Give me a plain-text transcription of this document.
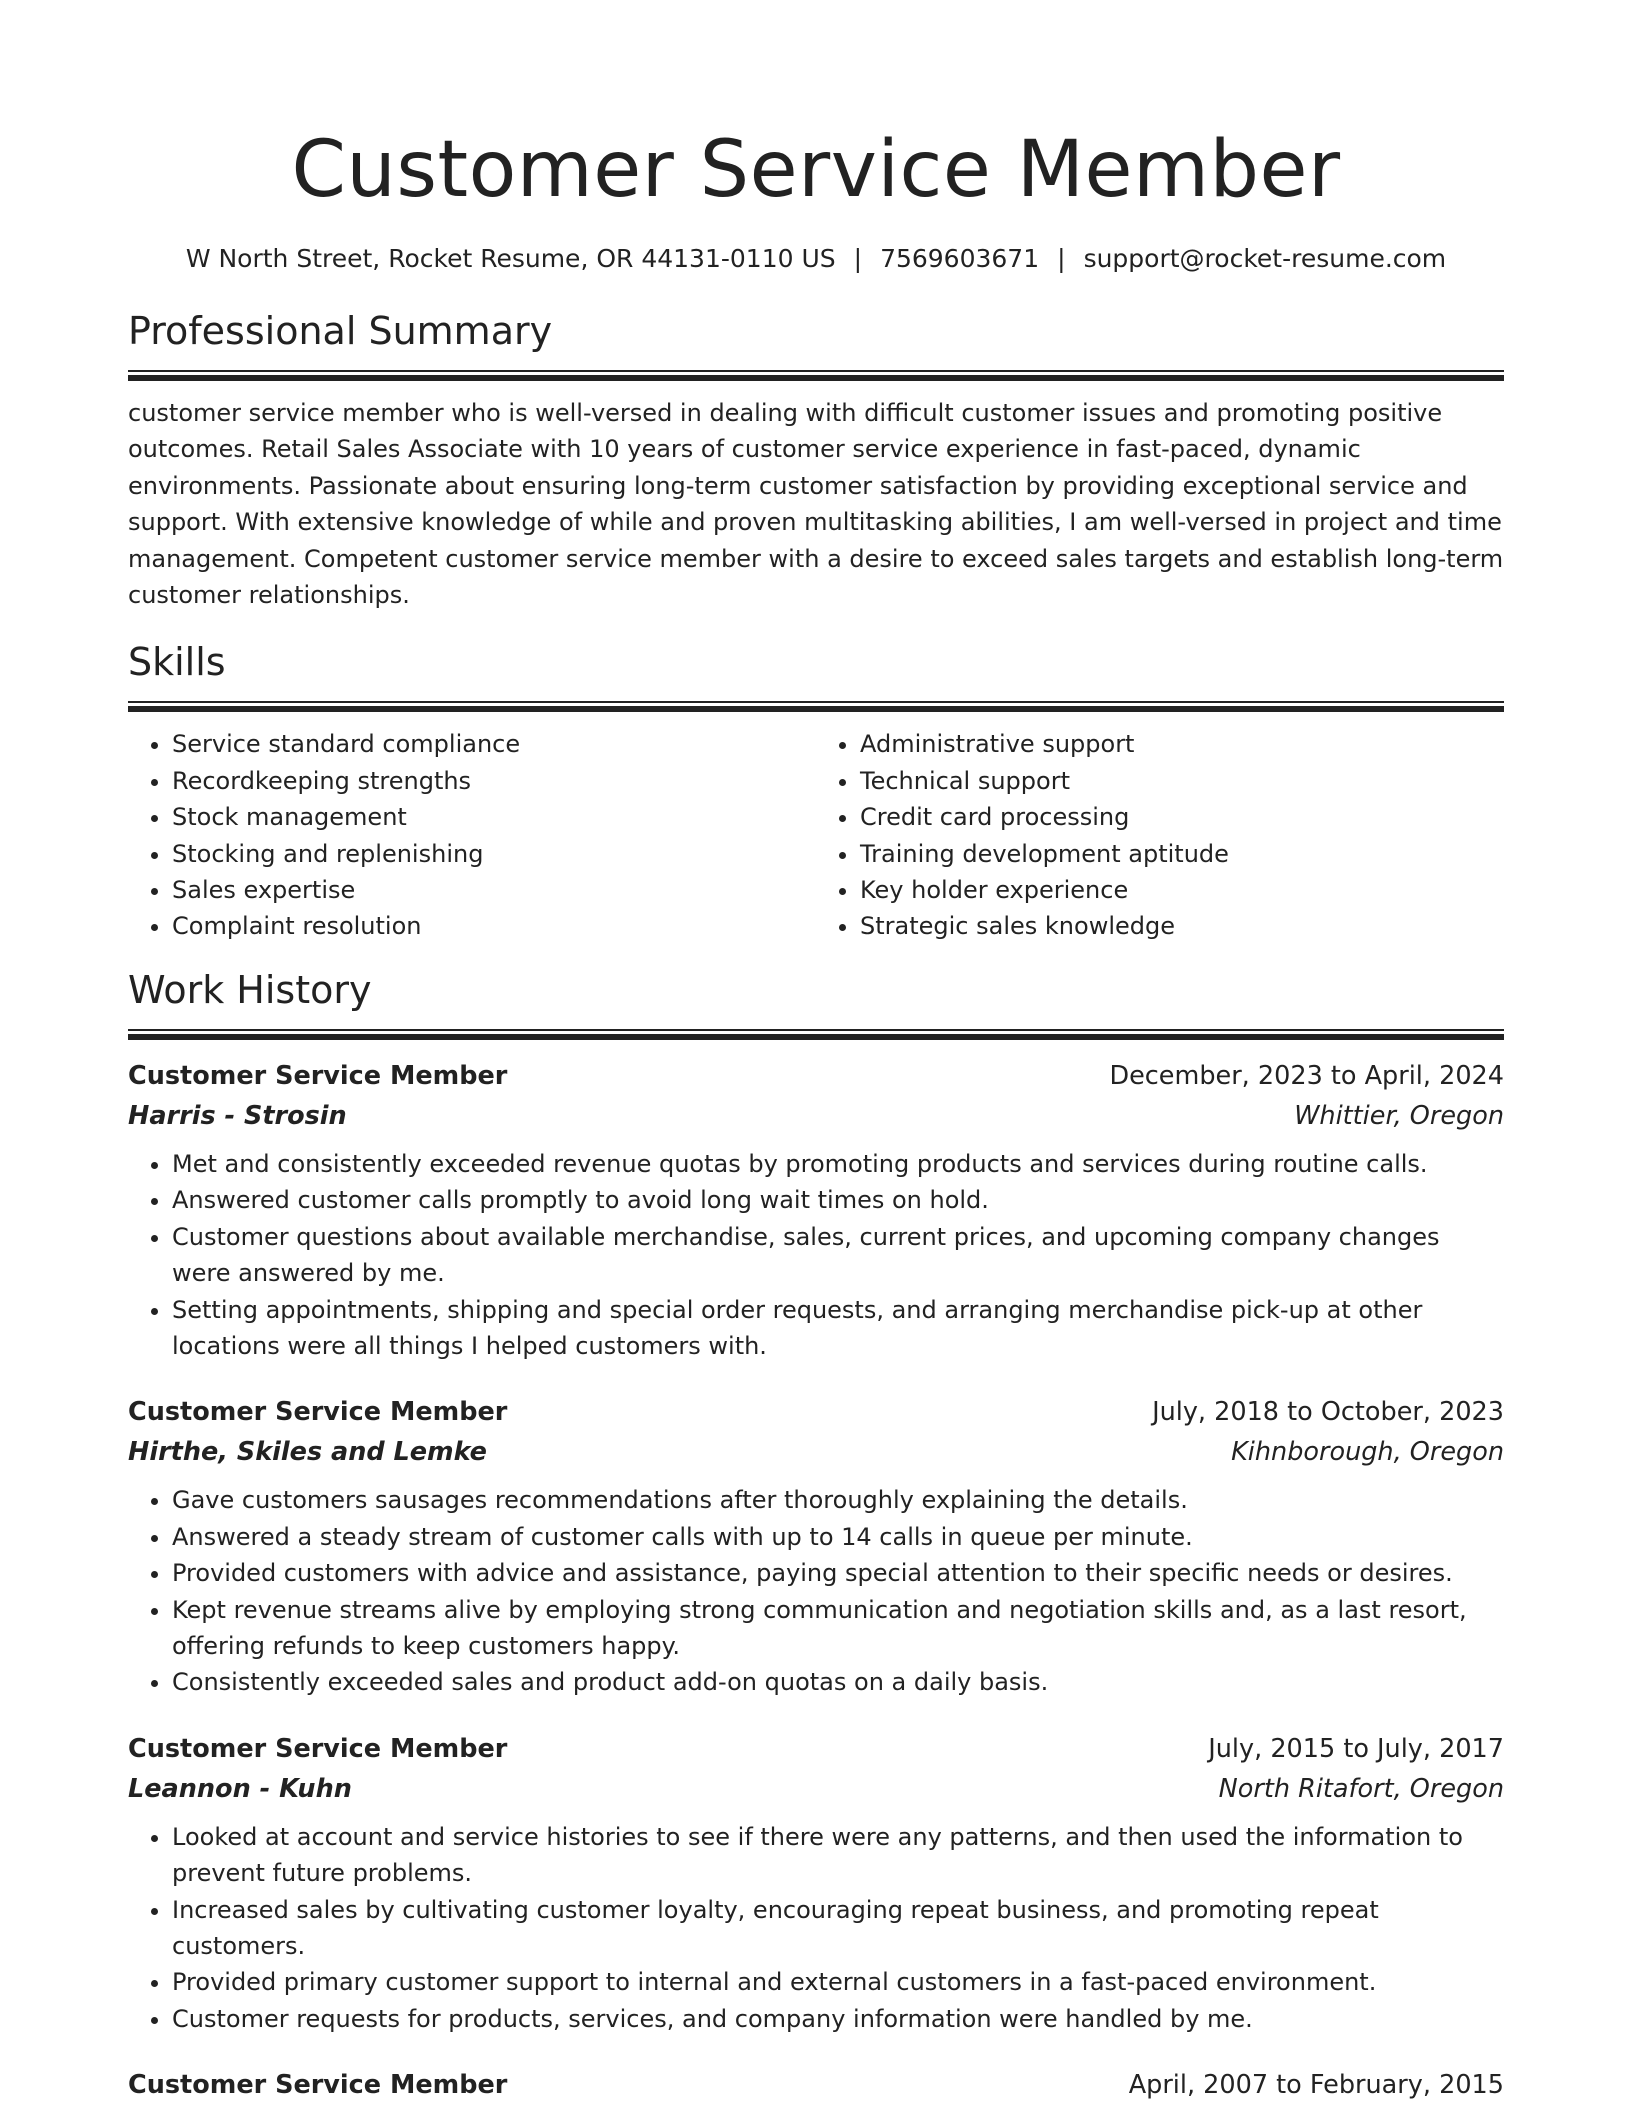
Customer Service Member
W North Street, Rocket Resume, OR 44131-0110 US | 7569603671 | support@rocket-resume.com
Professional Summary

customer service member who is well-versed in dealing with difficult customer issues and promoting positive outcomes. Retail Sales Associate with 10 years of customer service experience in fast-paced, dynamic environments. Passionate about ensuring long-term customer satisfaction by providing exceptional service and support. With extensive knowledge of while and proven multitasking abilities, I am well-versed in project and time management. Competent customer service member with a desire to exceed sales targets and establish long-term customer relationships.

Skills
• Service standard compliance
• Recordkeeping strengths
• Stock management
• Stocking and replenishing
• Sales expertise
• Complaint resolution
• Administrative support
• Technical support
• Credit card processing
• Training development aptitude
• Key holder experience
• Strategic sales knowledge
Work History
Customer Service Member	December, 2023 to April, 2024
Harris - Strosin	Whittier, Oregon
• Met and consistently exceeded revenue quotas by promoting products and services during routine calls.
• Answered customer calls promptly to avoid long wait times on hold.
• Customer questions about available merchandise, sales, current prices, and upcoming company changes were answered by me.
• Setting appointments, shipping and special order requests, and arranging merchandise pick-up at other locations were all things I helped customers with.
Customer Service Member	July, 2018 to October, 2023
Hirthe, Skiles and Lemke	Kihnborough, Oregon
• Gave customers sausages recommendations after thoroughly explaining the details.
• Answered a steady stream of customer calls with up to 14 calls in queue per minute.
• Provided customers with advice and assistance, paying special attention to their specific needs or desires.
• Kept revenue streams alive by employing strong communication and negotiation skills and, as a last resort, offering refunds to keep customers happy.
• Consistently exceeded sales and product add-on quotas on a daily basis.
Customer Service Member	July, 2015 to July, 2017
Leannon - Kuhn	North Ritafort, Oregon
• Looked at account and service histories to see if there were any patterns, and then used the information to prevent future problems.
• Increased sales by cultivating customer loyalty, encouraging repeat business, and promoting repeat customers.
• Provided primary customer support to internal and external customers in a fast-paced environment.
• Customer requests for products, services, and company information were handled by me.
Customer Service Member	April, 2007 to February, 2015
